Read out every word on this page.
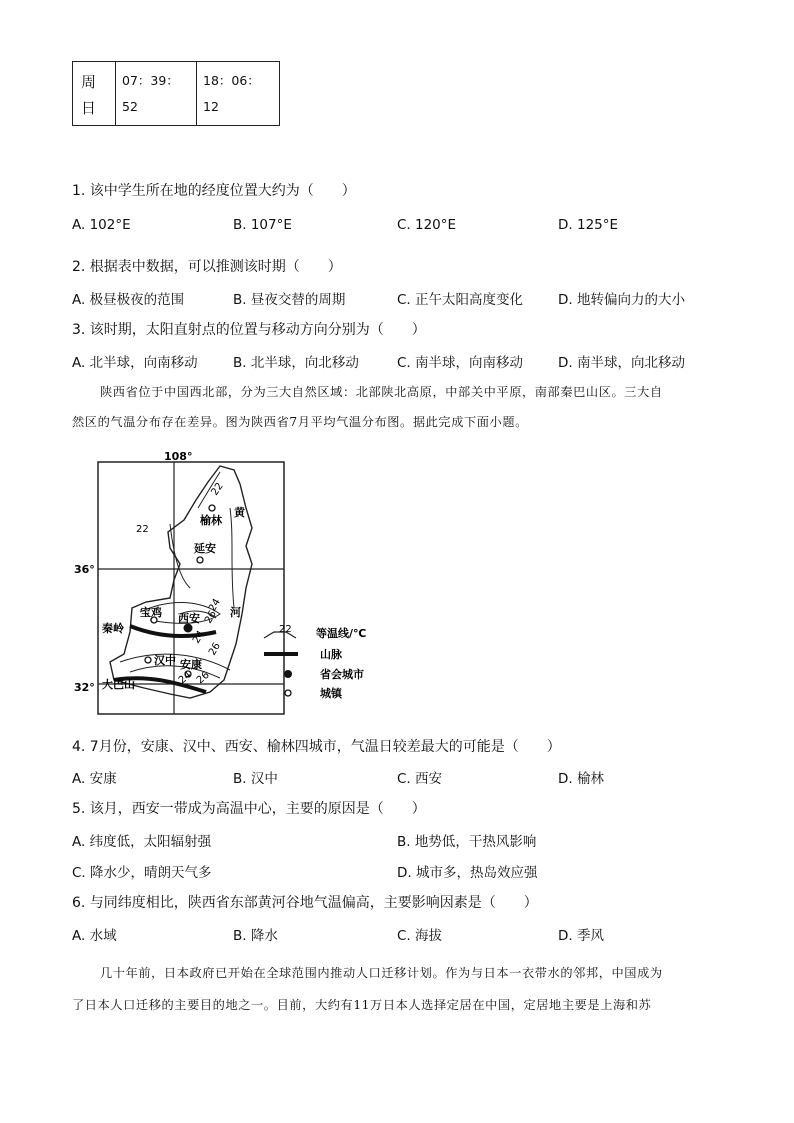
周日	07：39：52	18：06：12
1. 该中学生所在地的经度位置大约为（　　）
A. 102°E	B. 107°E	C. 120°E	D. 125°E
2. 根据表中数据，可以推测该时期（　　）
A. 极昼极夜的范围	B. 昼夜交替的周期	C. 正午太阳高度变化	D. 地转偏向力的大小
3. 该时期，太阳直射点的位置与移动方向分别为（　　）
A. 北半球，向南移动	B. 北半球，向北移动	C. 南半球，向南移动	D. 南半球，向北移动
陕西省位于中国西北部，分为三大自然区域：北部陕北高原，中部关中平原，南部秦巴山区。三大自
然区的气温分布存在差异。图为陕西省7月平均气温分布图。据此完成下面小题。
108°
36°
32°
22
22
24
26
24
26
24 26
榆林
延安
宝鸡 西安
秦岭
汉中 安康
大巴山
黄
河
22 等温线/℃
山脉
省会城市
城镇
4. 7月份，安康、汉中、西安、榆林四城市，气温日较差最大的可能是（　　）
A. 安康	B. 汉中	C. 西安	D. 榆林
5. 该月，西安一带成为高温中心，主要的原因是（　　）
A. 纬度低，太阳辐射强	B. 地势低，干热风影响
C. 降水少，晴朗天气多	D. 城市多，热岛效应强
6. 与同纬度相比，陕西省东部黄河谷地气温偏高，主要影响因素是（　　）
A. 水域	B. 降水	C. 海拔	D. 季风
几十年前，日本政府已开始在全球范围内推动人口迁移计划。作为与日本一衣带水的邻邦，中国成为
了日本人口迁移的主要目的地之一。目前，大约有11万日本人选择定居在中国，定居地主要是上海和苏
